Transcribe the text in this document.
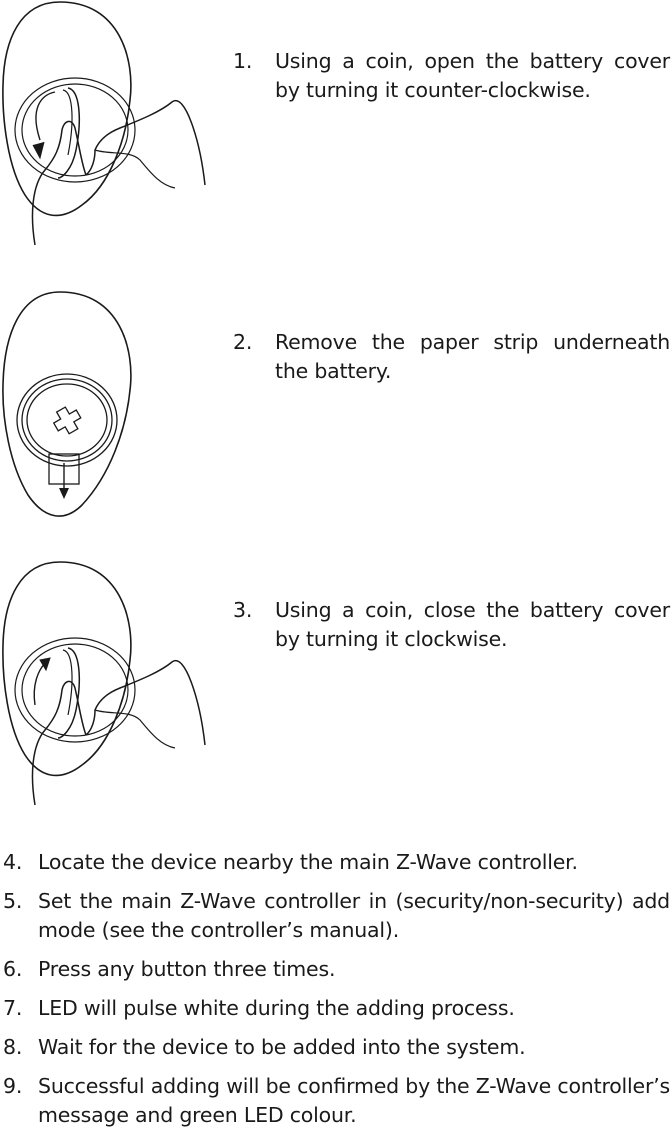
1.	Using a coin, open the battery cover by turning it counter-clockwise.
2.	Remove the paper strip underneath the battery.
3.	Using a coin, close the battery cover by turning it clockwise.
4. Locate the device nearby the main Z-Wave controller.
5. Set the main Z-Wave controller in (security/non-security) add mode (see the controller’s manual).
6. Press any button three times.
7. LED will pulse white during the adding process.
8. Wait for the device to be added into the system.
9. Successful adding will be conﬁrmed by the Z-Wave controller’s message and green LED colour.
